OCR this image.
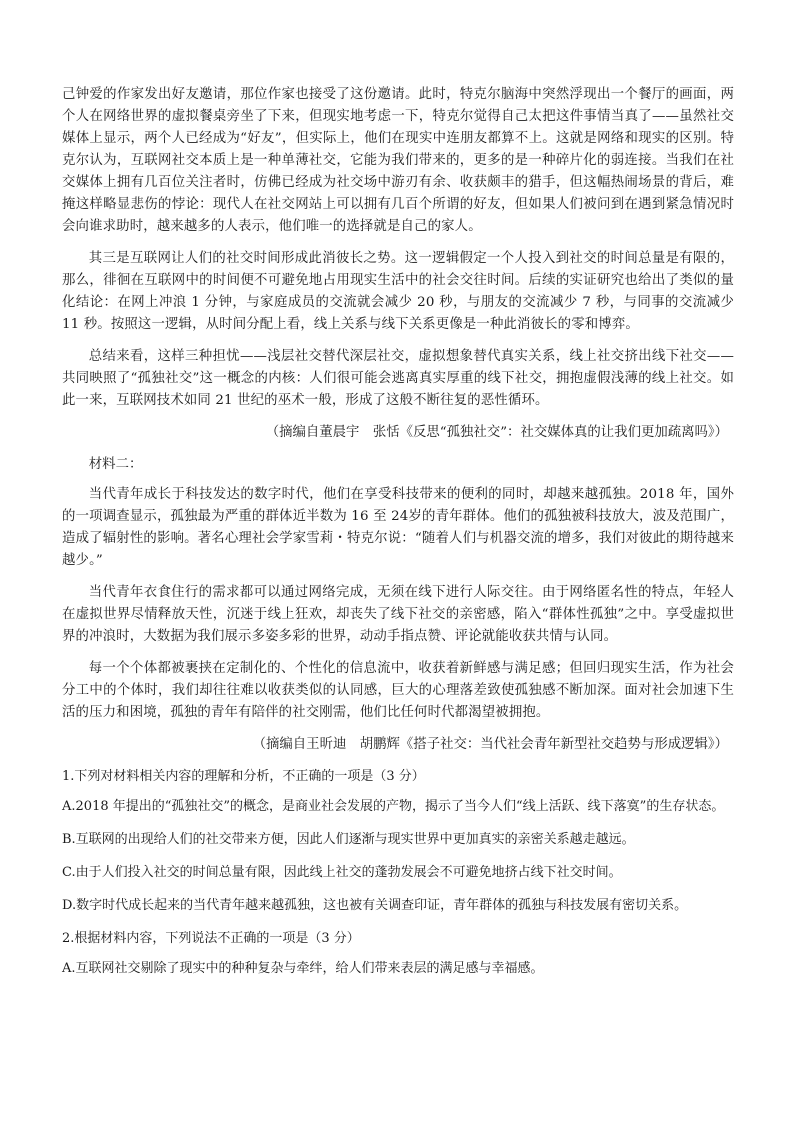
己钟爱的作家发出好友邀请，那位作家也接受了这份邀请。此时，特克尔脑海中突然浮现出一个餐厅的画面，两个人在网络世界的虚拟餐桌旁坐了下来，但现实地考虑一下，特克尔觉得自己太把这件事情当真了——虽然社交媒体上显示，两个人已经成为“好友”，但实际上，他们在现实中连朋友都算不上。这就是网络和现实的区别。特克尔认为，互联网社交本质上是一种单薄社交，它能为我们带来的，更多的是一种碎片化的弱连接。当我们在社交媒体上拥有几百位关注者时，仿佛已经成为社交场中游刃有余、收获颇丰的猎手，但这幅热闹场景的背后，难掩这样略显悲伤的悖论：现代人在社交网站上可以拥有几百个所谓的好友，但如果人们被问到在遇到紧急情况时会向谁求助时，越来越多的人表示，他们唯一的选择就是自己的家人。

其三是互联网让人们的社交时间形成此消彼长之势。这一逻辑假定一个人投入到社交的时间总量是有限的，那么，徘徊在互联网中的时间便不可避免地占用现实生活中的社会交往时间。后续的实证研究也给出了类似的量化结论：在网上冲浪 1 分钟，与家庭成员的交流就会减少 20 秒，与朋友的交流减少 7 秒，与同事的交流减少 11 秒。按照这一逻辑，从时间分配上看，线上关系与线下关系更像是一种此消彼长的零和博弈。

总结来看，这样三种担忧——浅层社交替代深层社交，虚拟想象替代真实关系，线上社交挤出线下社交——共同映照了“孤独社交”这一概念的内核：人们很可能会逃离真实厚重的线下社交，拥抱虚假浅薄的线上社交。如此一来，互联网技术如同 21 世纪的巫术一般，形成了这般不断往复的恶性循环。

（摘编自董晨宇　张恬《反思“孤独社交”：社交媒体真的让我们更加疏离吗》）

材料二：

当代青年成长于科技发达的数字时代，他们在享受科技带来的便利的同时，却越来越孤独。2018 年，国外的一项调查显示，孤独最为严重的群体近半数为 16 至 24岁的青年群体。他们的孤独被科技放大，波及范围广，造成了辐射性的影响。著名心理社会学家雪莉・特克尔说：“随着人们与机器交流的增多，我们对彼此的期待越来越少。”

当代青年衣食住行的需求都可以通过网络完成，无须在线下进行人际交往。由于网络匿名性的特点，年轻人在虚拟世界尽情释放天性，沉迷于线上狂欢，却丧失了线下社交的亲密感，陷入“群体性孤独”之中。享受虚拟世界的冲浪时，大数据为我们展示多姿多彩的世界，动动手指点赞、评论就能收获共情与认同。

每一个个体都被裹挟在定制化的、个性化的信息流中，收获着新鲜感与满足感；但回归现实生活，作为社会分工中的个体时，我们却往往难以收获类似的认同感，巨大的心理落差致使孤独感不断加深。面对社会加速下生活的压力和困境，孤独的青年有陪伴的社交刚需，他们比任何时代都渴望被拥抱。

（摘编自王昕迪　胡鹏辉《搭子社交：当代社会青年新型社交趋势与形成逻辑》）

1.下列对材料相关内容的理解和分析，不正确的一项是（3 分）

A.2018 年提出的“孤独社交”的概念，是商业社会发展的产物，揭示了当今人们“线上活跃、线下落寞”的生存状态。

B.互联网的出现给人们的社交带来方便，因此人们逐渐与现实世界中更加真实的亲密关系越走越远。

C.由于人们投入社交的时间总量有限，因此线上社交的蓬勃发展会不可避免地挤占线下社交时间。

D.数字时代成长起来的当代青年越来越孤独，这也被有关调查印证，青年群体的孤独与科技发展有密切关系。

2.根据材料内容，下列说法不正确的一项是（3 分）

A.互联网社交剔除了现实中的种种复杂与牵绊，给人们带来表层的满足感与幸福感。
